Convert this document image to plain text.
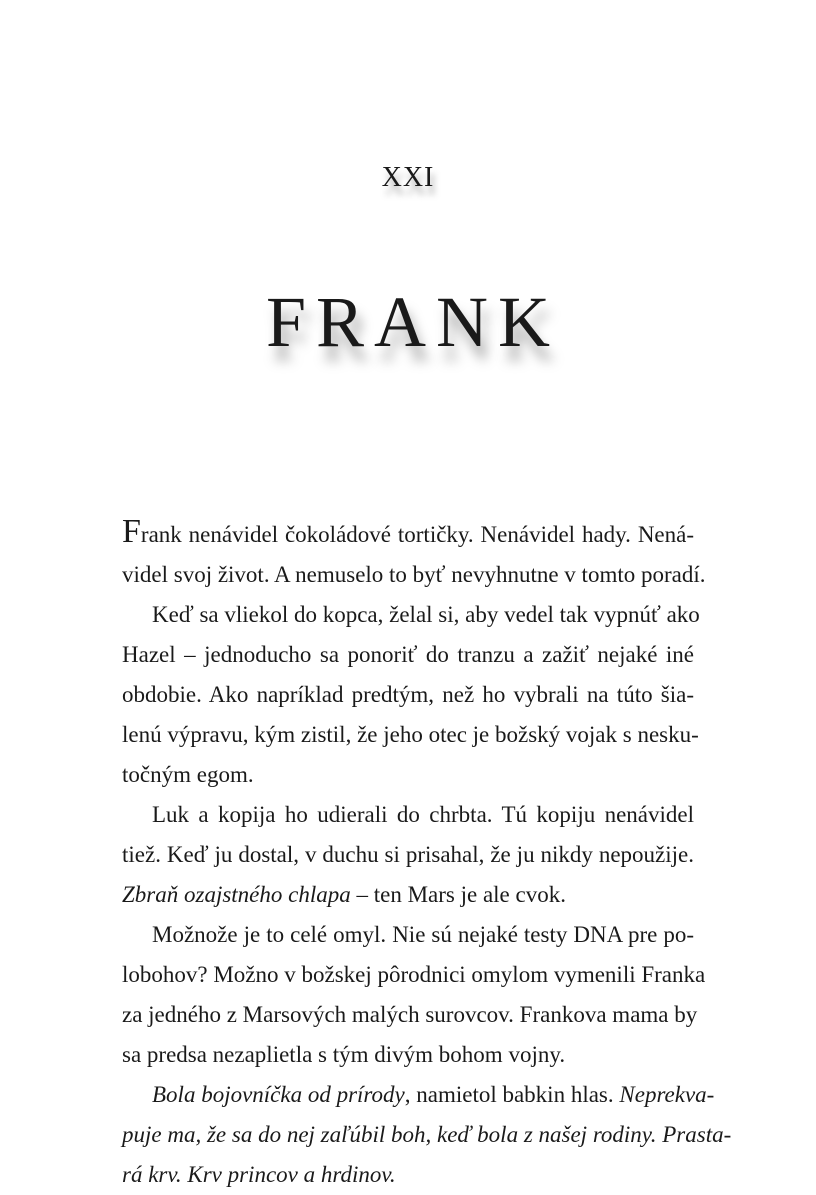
XXI
FRANK
Frank nenávidel čokoládové tortičky. Nenávidel hady. Nená-
videl svoj život. A nemuselo to byť nevyhnutne v tomto poradí.
Keď sa vliekol do kopca, želal si, aby vedel tak vypnúť ako
Hazel – jednoducho sa ponoriť do tranzu a zažiť nejaké iné
obdobie. Ako napríklad predtým, než ho vybrali na túto šia-
lenú výpravu, kým zistil, že jeho otec je božský vojak s nesku-
točným egom.
Luk a kopija ho udierali do chrbta. Tú kopiju nenávidel
tiež. Keď ju dostal, v duchu si prisahal, že ju nikdy nepoužije.
Zbraň ozajstného chlapa – ten Mars je ale cvok.
Možnože je to celé omyl. Nie sú nejaké testy DNA pre po-
lobohov? Možno v božskej pôrodnici omylom vymenili Franka
za jedného z Marsových malých surovcov. Frankova mama by
sa predsa nezaplietla s tým divým bohom vojny.
Bola bojovníčka od prírody, namietol babkin hlas. Neprekva-
puje ma, že sa do nej zaľúbil boh, keď bola z našej rodiny. Prasta-
rá krv. Krv princov a hrdinov.
